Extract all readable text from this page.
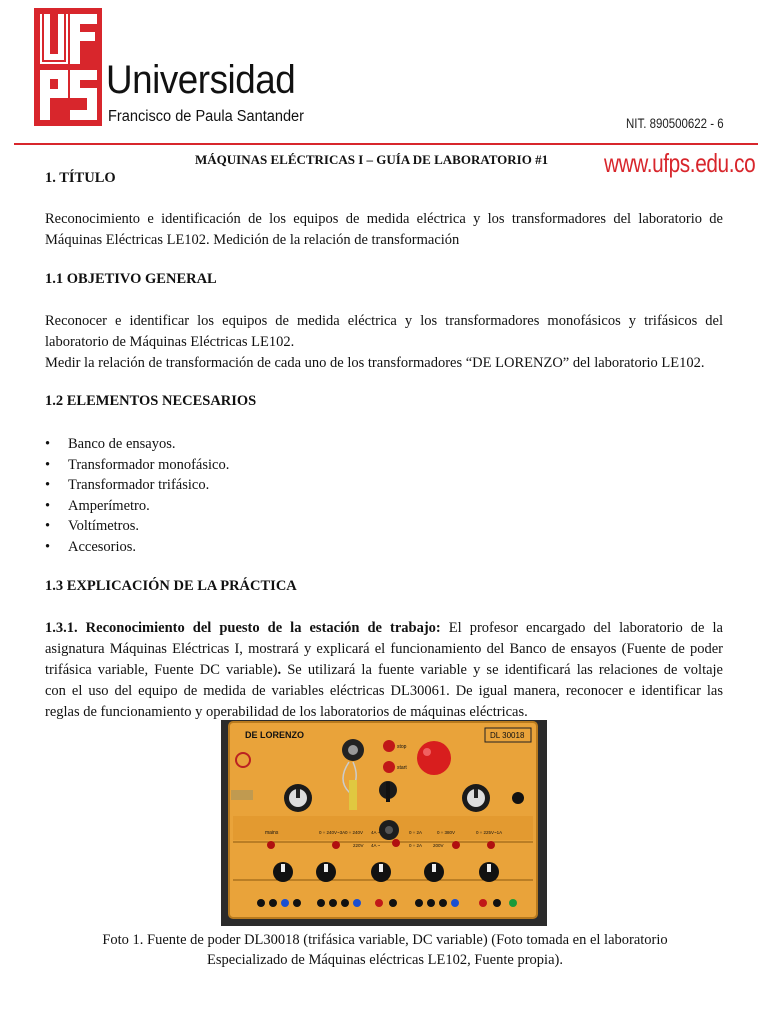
Universidad
Francisco de Paula Santander	NIT. 890500622 - 6
www.ufps.edu.co
MÁQUINAS ELÉCTRICAS I – GUÍA DE LABORATORIO #1
1. TÍTULO
Reconocimiento e identificación de los equipos de medida eléctrica y los transformadores del laboratorio de
Máquinas Eléctricas LE102. Medición de la relación de transformación
1.1 OBJETIVO GENERAL
Reconocer e identificar los equipos de medida eléctrica y los transformadores monofásicos y trifásicos del
laboratorio de Máquinas Eléctricas LE102.
Medir la relación de transformación de cada uno de los transformadores “DE LORENZO” del laboratorio LE102.
1.2 ELEMENTOS NECESARIOS
• Banco de ensayos.
• Transformador monofásico.
• Transformador trifásico.
• Amperímetro.
• Voltímetros.
• Accesorios.
1.3 EXPLICACIÓN DE LA PRÁCTICA
1.3.1. Reconocimiento del puesto de la estación de trabajo: El profesor encargado del laboratorio de la
asignatura Máquinas Eléctricas I, mostrará y explicará el funcionamiento del Banco de ensayos (Fuente de poder
trifásica variable, Fuente DC variable). Se utilizará la fuente variable y se identificará las relaciones de voltaje
con el uso del equipo de medida de variables eléctricas DL30061. De igual manera, reconocer e identificar las
reglas de funcionamiento y operabilidad de los laboratorios de máquinas eléctricas.
DE LORENZO	DL 30018
stop
start
mains	0 ÷ 240V~3A 0 ÷ 240V 4A ~	0 ÷ 2A	0 ÷ 380V	0 ÷ 225V~1A
220V 4A ~	0 ÷ 2A 200V
Foto 1. Fuente de poder DL30018 (trifásica variable, DC variable) (Foto tomada en el laboratorio
Especializado de Máquinas eléctricas LE102, Fuente propia).
